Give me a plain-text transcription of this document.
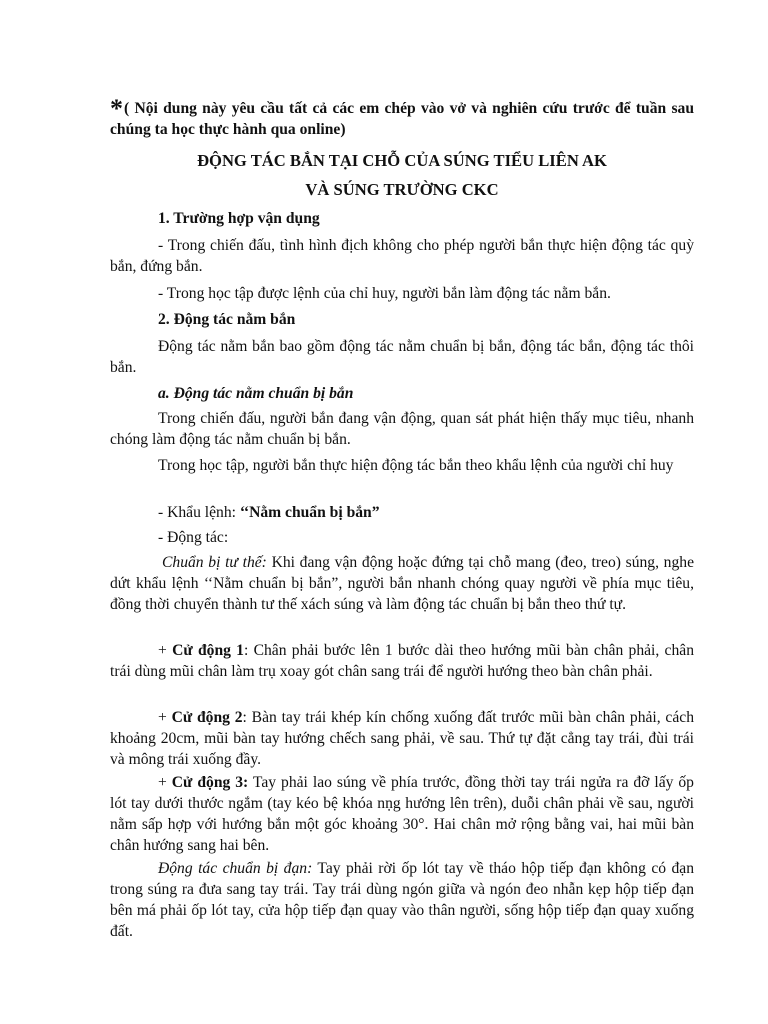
*( Nội dung này yêu cầu tất cả các em chép vào vở và nghiên cứu trước để tuần sau chúng ta học thực hành qua online)

ĐỘNG TÁC BẮN TẠI CHỖ CỦA SÚNG TIỂU LIÊN AK

VÀ SÚNG TRƯỜNG CKC

1. Trường hợp vận dụng

- Trong chiến đấu, tình hình địch không cho phép người bắn thực hiện động tác quỳ bắn, đứng bắn.

- Trong học tập được lệnh của chỉ huy, người bắn làm động tác nằm bắn.

2. Động tác nằm bắn

Động tác nằm bắn bao gồm động tác nằm chuẩn bị bắn, động tác bắn, động tác thôi bắn.

a. Động tác nằm chuẩn bị bắn

Trong chiến đấu, người bắn đang vận động, quan sát phát hiện thấy mục tiêu, nhanh chóng làm động tác nằm chuẩn bị bắn.

Trong học tập, người bắn thực hiện động tác bắn theo khẩu lệnh của người chỉ huy

- Khẩu lệnh: ‘‘Nằm chuẩn bị bắn”

- Động tác:

Chuẩn bị tư thế: Khi đang vận động hoặc đứng tại chỗ mang (đeo, treo) súng, nghe dứt khẩu lệnh ‘‘Nằm chuẩn bị bắn”, người bắn nhanh chóng quay người về phía mục tiêu, đồng thời chuyển thành tư thế xách súng và làm động tác chuẩn bị bắn theo thứ tự.

+ Cử động 1: Chân phải bước lên 1 bước dài theo hướng mũi bàn chân phải, chân trái dùng mũi chân làm trụ xoay gót chân sang trái để người hướng theo bàn chân phải.

+ Cử động 2: Bàn tay trái khép kín chống xuống đất trước mũi bàn chân phải, cách khoảng 20cm, mũi bàn tay hướng chếch sang phải, về sau. Thứ tự đặt cẳng tay trái, đùi trái và mông trái xuống đầy.

+ Cử động 3: Tay phải lao súng về phía trước, đồng thời tay trái ngửa ra đỡ lấy ốp lót tay dưới thước ngắm (tay kéo bệ khóa nṇg hướng lên trên), duỗi chân phải về sau, người nằm sấp hợp với hướng bắn một góc khoảng 30°. Hai chân mở rộng bằng vai, hai mũi bàn chân hướng sang hai bên.

Động tác chuẩn bị đạn: Tay phải rời ốp lót tay về tháo hộp tiếp đạn không có đạn trong súng ra đưa sang tay trái. Tay trái dùng ngón giữa và ngón đeo nhẫn kẹp hộp tiếp đạn bên má phải ốp lót tay, cửa hộp tiếp đạn quay vào thân người, sống hộp tiếp đạn quay xuống đất.
